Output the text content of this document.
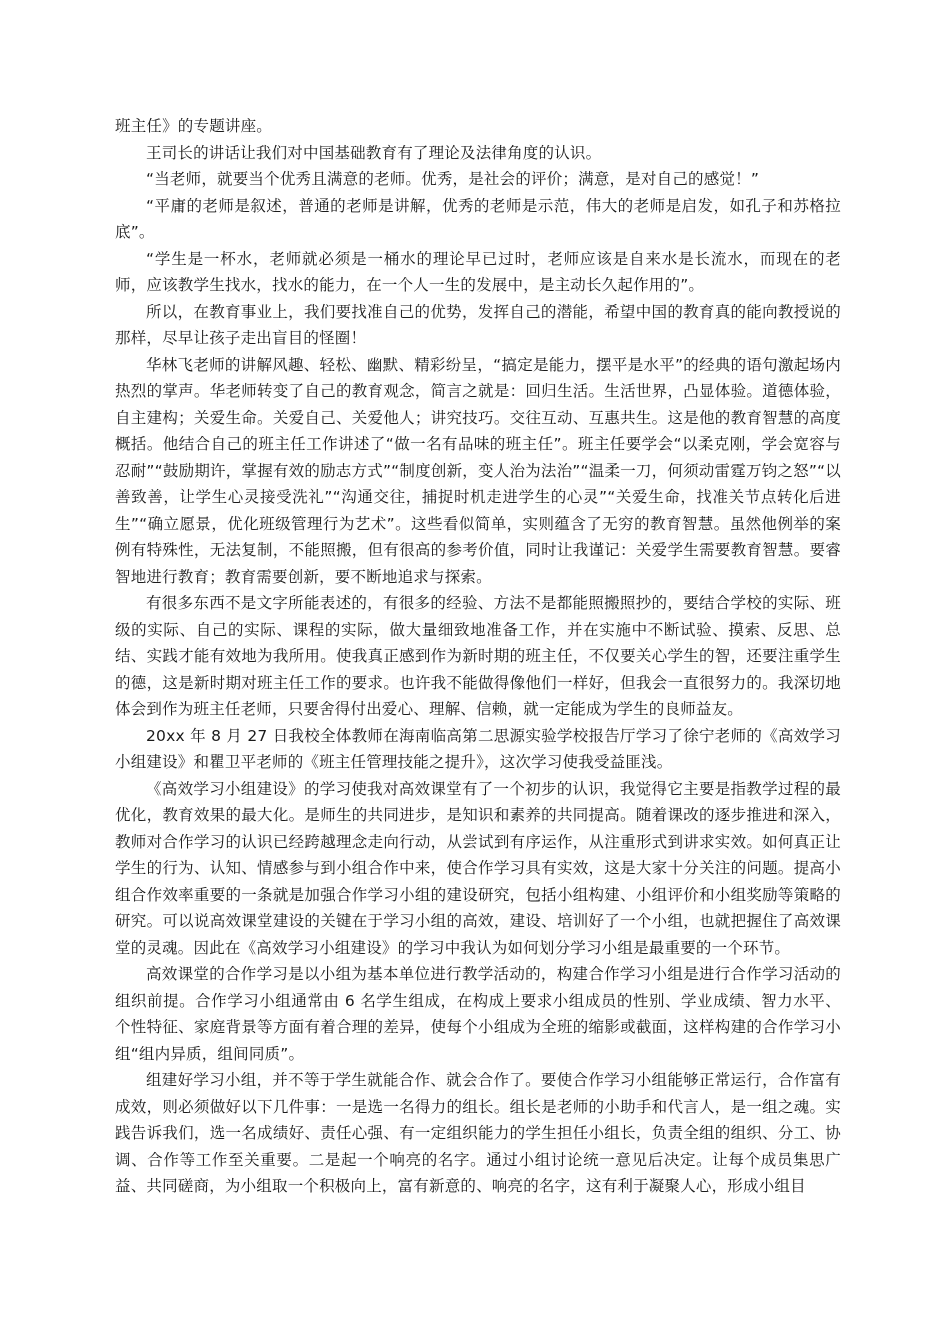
班主任》的专题讲座。

王司长的讲话让我们对中国基础教育有了理论及法律角度的认识。

“当老师，就要当个优秀且满意的老师。优秀，是社会的评价；满意，是对自己的感觉！”

“平庸的老师是叙述，普通的老师是讲解，优秀的老师是示范，伟大的老师是启发，如孔子和苏格拉底”。

“学生是一杯水，老师就必须是一桶水的理论早已过时，老师应该是自来水是长流水，而现在的老师，应该教学生找水，找水的能力，在一个人一生的发展中，是主动长久起作用的”。

所以，在教育事业上，我们要找准自己的优势，发挥自己的潜能，希望中国的教育真的能向教授说的那样，尽早让孩子走出盲目的怪圈！

华林飞老师的讲解风趣、轻松、幽默、精彩纷呈，“搞定是能力，摆平是水平”的经典的语句激起场内热烈的掌声。华老师转变了自己的教育观念，简言之就是：回归生活。生活世界，凸显体验。道德体验，自主建构；关爱生命。关爱自己、关爱他人；讲究技巧。交往互动、互惠共生。这是他的教育智慧的高度概括。他结合自己的班主任工作讲述了“做一名有品味的班主任”。班主任要学会“以柔克刚，学会宽容与忍耐”“鼓励期许，掌握有效的励志方式”“制度创新，变人治为法治”“温柔一刀，何须动雷霆万钧之怒”“以善致善，让学生心灵接受洗礼”“沟通交往，捕捉时机走进学生的心灵”“关爱生命，找准关节点转化后进生”“确立愿景，优化班级管理行为艺术”。这些看似简单，实则蕴含了无穷的教育智慧。虽然他例举的案例有特殊性，无法复制，不能照搬，但有很高的参考价值，同时让我谨记：关爱学生需要教育智慧。要睿智地进行教育；教育需要创新，要不断地追求与探索。

有很多东西不是文字所能表述的，有很多的经验、方法不是都能照搬照抄的，要结合学校的实际、班级的实际、自己的实际、课程的实际，做大量细致地准备工作，并在实施中不断试验、摸索、反思、总结、实践才能有效地为我所用。使我真正感到作为新时期的班主任，不仅要关心学生的智，还要注重学生的德，这是新时期对班主任工作的要求。也许我不能做得像他们一样好，但我会一直很努力的。我深切地体会到作为班主任老师，只要舍得付出爱心、理解、信赖，就一定能成为学生的良师益友。

20xx 年 8 月 27 日我校全体教师在海南临高第二思源实验学校报告厅学习了徐宁老师的《高效学习小组建设》和瞿卫平老师的《班主任管理技能之提升》，这次学习使我受益匪浅。

《高效学习小组建设》的学习使我对高效课堂有了一个初步的认识，我觉得它主要是指教学过程的最优化，教育效果的最大化。是师生的共同进步，是知识和素养的共同提高。随着课改的逐步推进和深入，教师对合作学习的认识已经跨越理念走向行动，从尝试到有序运作，从注重形式到讲求实效。如何真正让学生的行为、认知、情感参与到小组合作中来，使合作学习具有实效，这是大家十分关注的问题。提高小组合作效率重要的一条就是加强合作学习小组的建设研究，包括小组构建、小组评价和小组奖励等策略的研究。可以说高效课堂建设的关键在于学习小组的高效，建设、培训好了一个小组，也就把握住了高效课堂的灵魂。因此在《高效学习小组建设》的学习中我认为如何划分学习小组是最重要的一个环节。

高效课堂的合作学习是以小组为基本单位进行教学活动的，构建合作学习小组是进行合作学习活动的组织前提。合作学习小组通常由 6 名学生组成，在构成上要求小组成员的性别、学业成绩、智力水平、个性特征、家庭背景等方面有着合理的差异，使每个小组成为全班的缩影或截面，这样构建的合作学习小组“组内异质，组间同质”。

组建好学习小组，并不等于学生就能合作、就会合作了。要使合作学习小组能够正常运行，合作富有成效，则必须做好以下几件事：一是选一名得力的组长。组长是老师的小助手和代言人，是一组之魂。实践告诉我们，选一名成绩好、责任心强、有一定组织能力的学生担任小组长，负责全组的组织、分工、协调、合作等工作至关重要。二是起一个响亮的名字。通过小组讨论统一意见后决定。让每个成员集思广益、共同磋商，为小组取一个积极向上，富有新意的、响亮的名字，这有利于凝聚人心，形成小组目
